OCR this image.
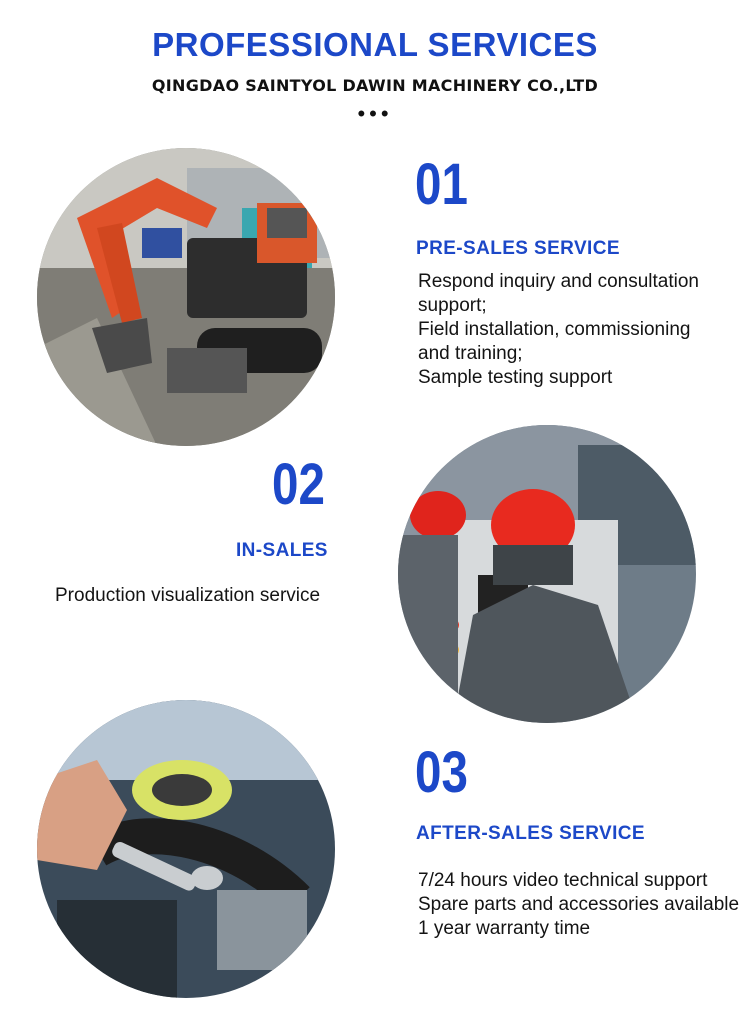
PROFESSIONAL SERVICES
QINGDAO SAINTYOL DAWIN MACHINERY CO.,LTD
•••
01
PRE-SALES SERVICE
Respond inquiry and consultation
support;
Field installation, commissioning
and training;
Sample testing support
02
IN-SALES
Production visualization service
03
AFTER-SALES SERVICE
7/24 hours video technical support
Spare parts and accessories available
1 year warranty time
